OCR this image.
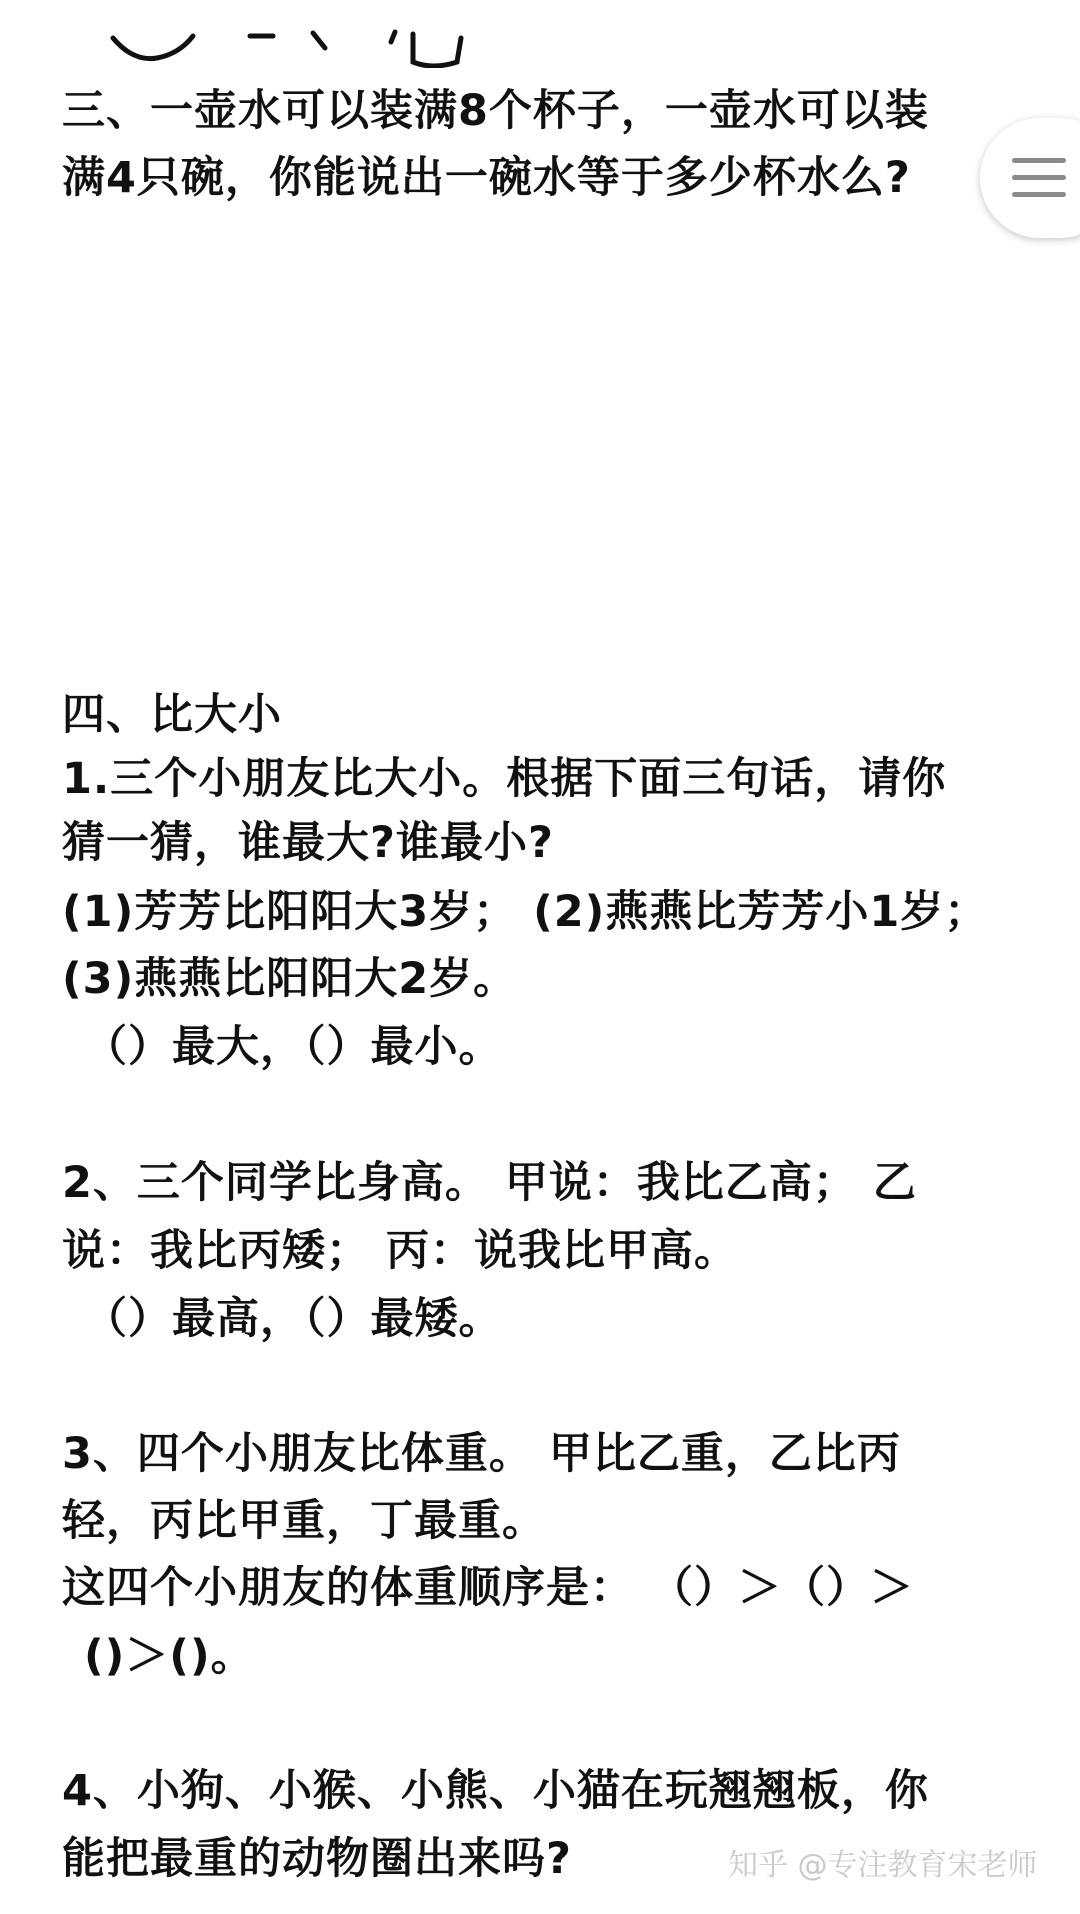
三、一壶水可以装满8个杯子，一壶水可以装

满4只碗，你能说出一碗水等于多少杯水么?

四、比大小

1.三个小朋友比大小。根据下面三句话，请你

猜一猜，谁最大?谁最小?

(1)芳芳比阳阳大3岁； (2)燕燕比芳芳小1岁；

(3)燕燕比阳阳大2岁。

（）最大，（）最小。

2、三个同学比身高。 甲说：我比乙高； 乙

说：我比丙矮； 丙：说我比甲高。

（）最高，（）最矮。

3、四个小朋友比体重。 甲比乙重，乙比丙

轻，丙比甲重，丁最重。

这四个小朋友的体重顺序是： （）＞（）＞

()＞()。

4、小狗、小猴、小熊、小猫在玩翘翘板，你

能把最重的动物圈出来吗?	知乎 @专注教育宋老师
